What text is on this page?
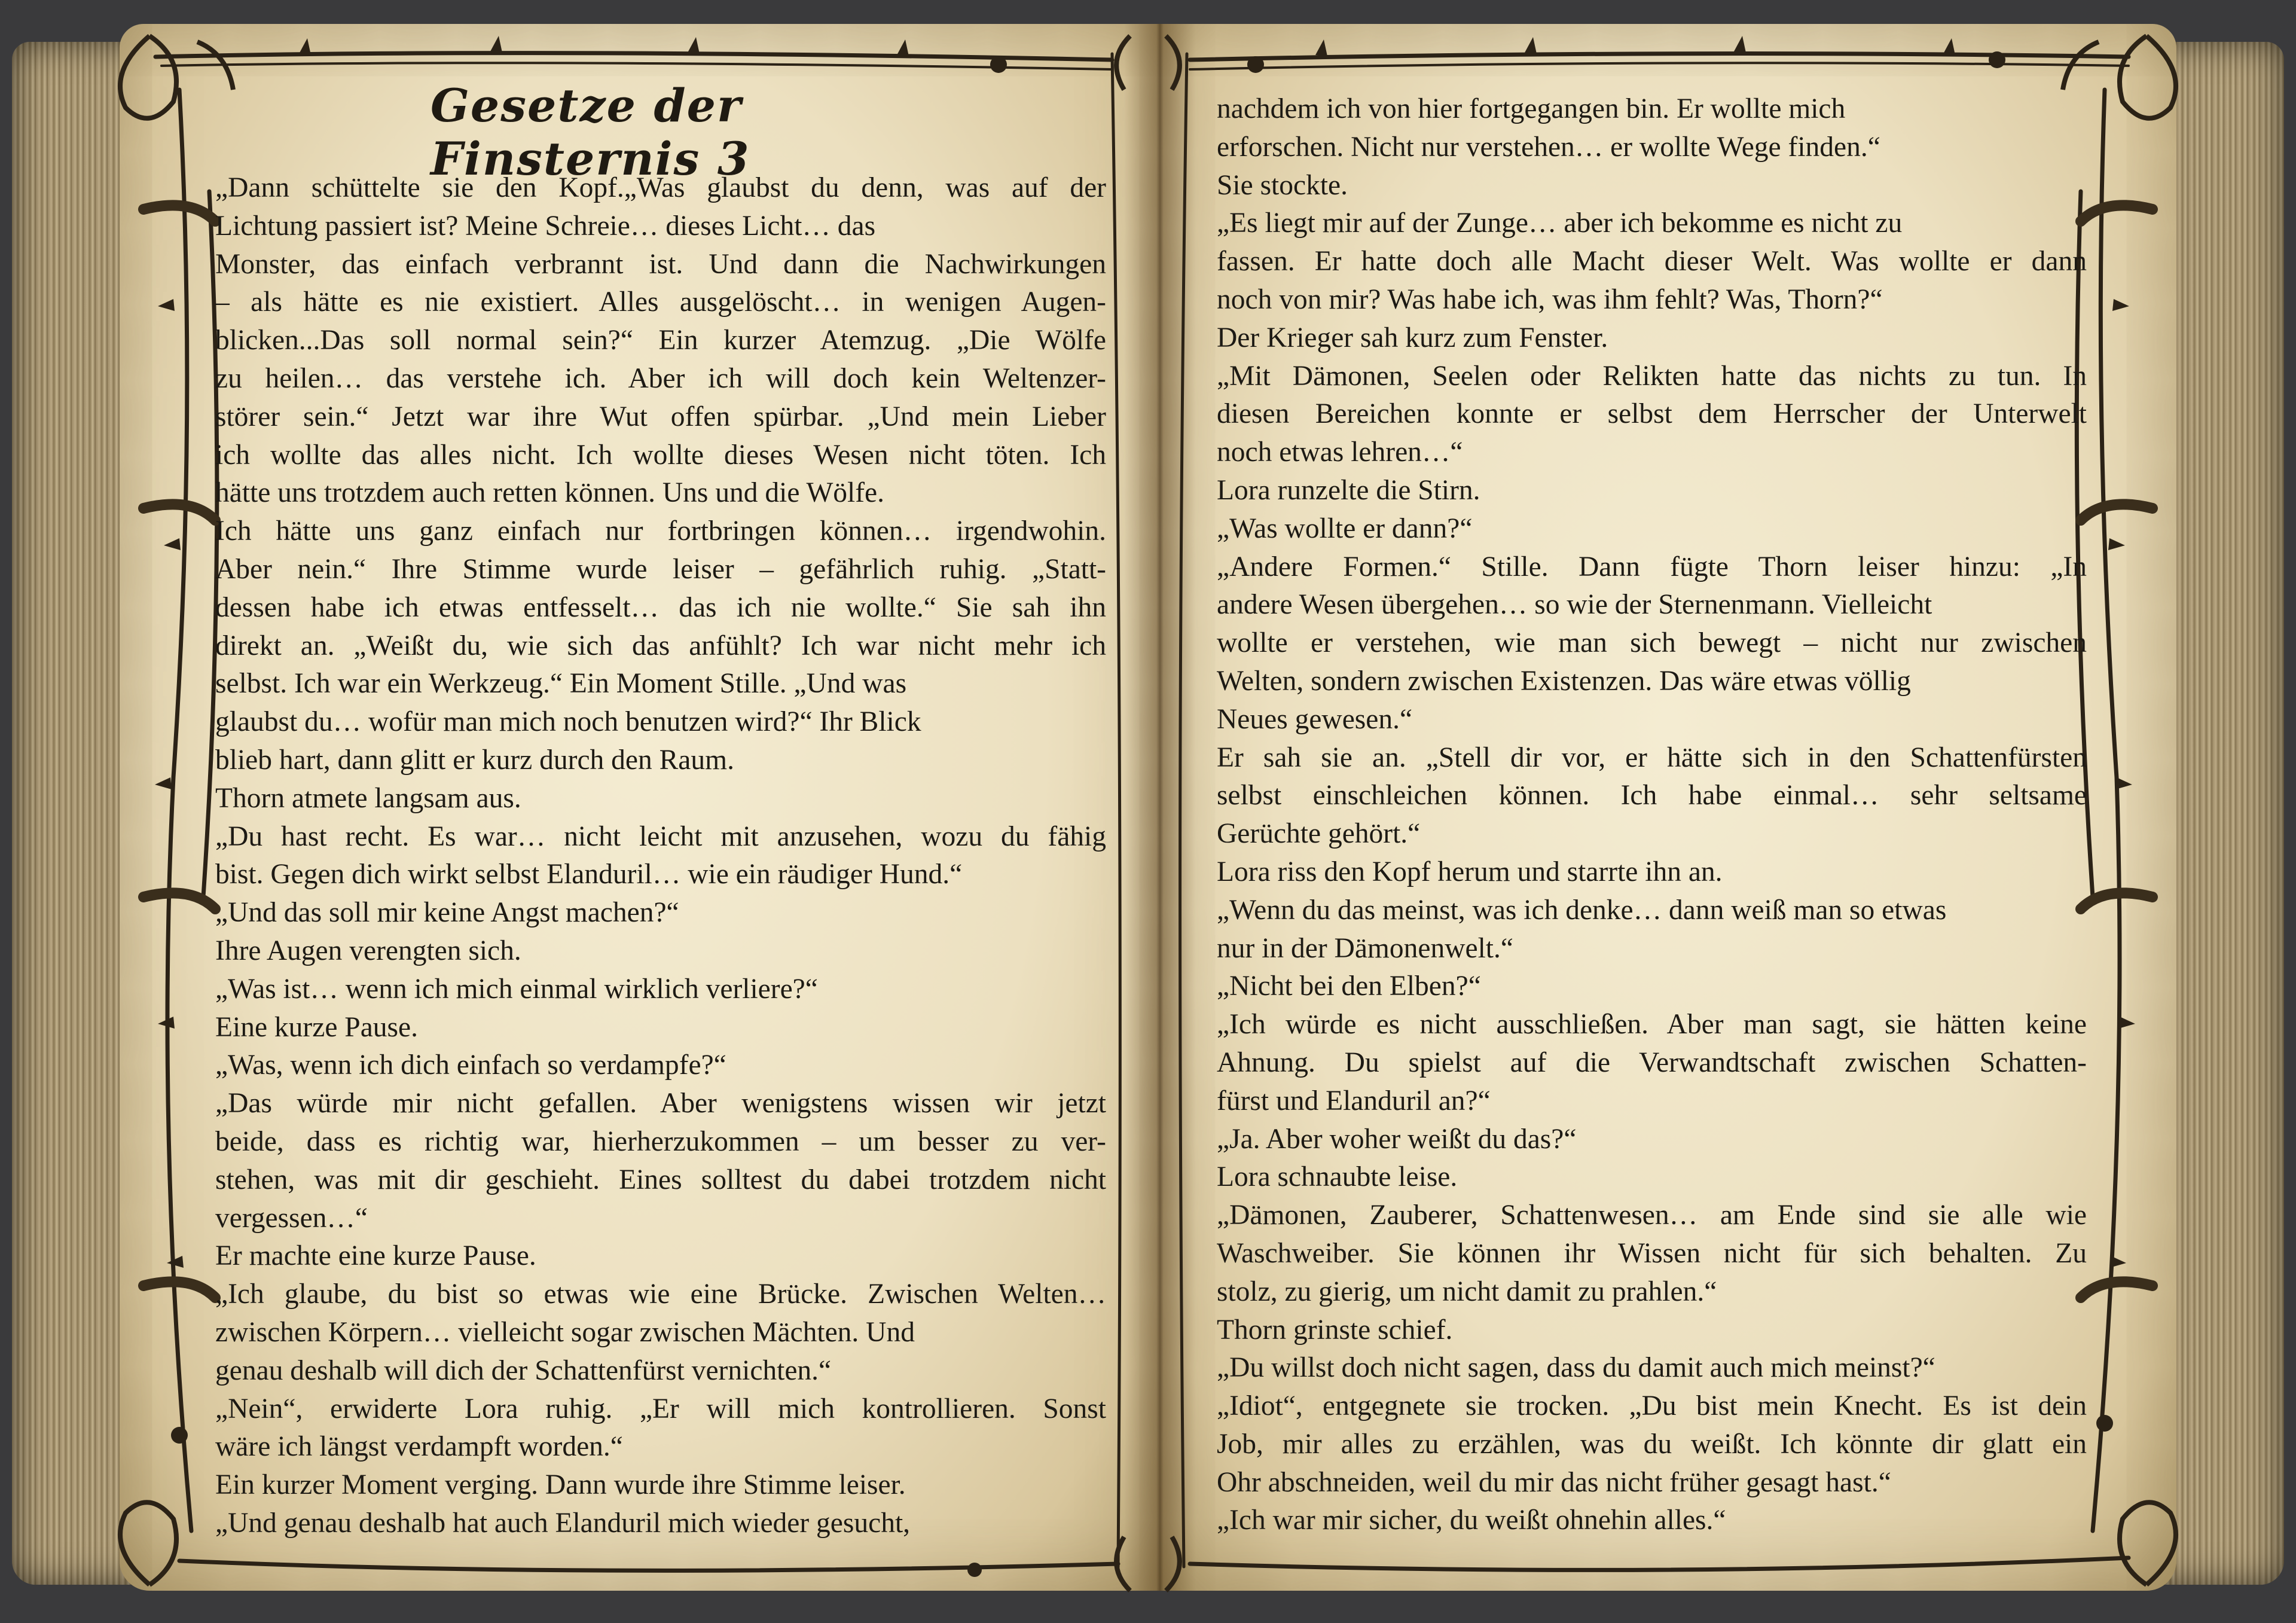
Gesetze der Finsternis 3

„Dann schüttelte sie den Kopf.„Was glaubst du denn, was auf der

Lichtung passiert ist? Meine Schreie… dieses Licht… das

Monster, das einfach verbrannt ist. Und dann die Nachwirkungen

– als hätte es nie existiert. Alles ausgelöscht… in wenigen Augen-

blicken...Das soll normal sein?“ Ein kurzer Atemzug. „Die Wölfe

zu heilen… das verstehe ich. Aber ich will doch kein Weltenzer-

störer sein.“ Jetzt war ihre Wut offen spürbar. „Und mein Lieber

ich wollte das alles nicht. Ich wollte dieses Wesen nicht töten. Ich

hätte uns trotzdem auch retten können. Uns und die Wölfe.

Ich hätte uns ganz einfach nur fortbringen können… irgendwohin.

Aber nein.“ Ihre Stimme wurde leiser – gefährlich ruhig. „Statt-

dessen habe ich etwas entfesselt… das ich nie wollte.“ Sie sah ihn

direkt an. „Weißt du, wie sich das anfühlt? Ich war nicht mehr ich

selbst. Ich war ein Werkzeug.“ Ein Moment Stille. „Und was

glaubst du… wofür man mich noch benutzen wird?“ Ihr Blick

blieb hart, dann glitt er kurz durch den Raum.

Thorn atmete langsam aus.

„Du hast recht. Es war… nicht leicht mit anzusehen, wozu du fähig

bist. Gegen dich wirkt selbst Elanduril… wie ein räudiger Hund.“

„Und das soll mir keine Angst machen?“

Ihre Augen verengten sich.

„Was ist… wenn ich mich einmal wirklich verliere?“

Eine kurze Pause.

„Was, wenn ich dich einfach so verdampfe?“

„Das würde mir nicht gefallen. Aber wenigstens wissen wir jetzt

beide, dass es richtig war, hierherzukommen – um besser zu ver-

stehen, was mit dir geschieht. Eines solltest du dabei trotzdem nicht

vergessen…“

Er machte eine kurze Pause.

„Ich glaube, du bist so etwas wie eine Brücke. Zwischen Welten…

zwischen Körpern… vielleicht sogar zwischen Mächten. Und

genau deshalb will dich der Schattenfürst vernichten.“

„Nein“, erwiderte Lora ruhig. „Er will mich kontrollieren. Sonst

wäre ich längst verdampft worden.“

Ein kurzer Moment verging. Dann wurde ihre Stimme leiser.

„Und genau deshalb hat auch Elanduril mich wieder gesucht,

nachdem ich von hier fortgegangen bin. Er wollte mich

erforschen. Nicht nur verstehen… er wollte Wege finden.“

Sie stockte.

„Es liegt mir auf der Zunge… aber ich bekomme es nicht zu

fassen. Er hatte doch alle Macht dieser Welt. Was wollte er dann

noch von mir? Was habe ich, was ihm fehlt? Was, Thorn?“

Der Krieger sah kurz zum Fenster.

„Mit Dämonen, Seelen oder Relikten hatte das nichts zu tun. In

diesen Bereichen konnte er selbst dem Herrscher der Unterwelt

noch etwas lehren…“

Lora runzelte die Stirn.

„Was wollte er dann?“

„Andere Formen.“ Stille. Dann fügte Thorn leiser hinzu: „In

andere Wesen übergehen… so wie der Sternenmann. Vielleicht

wollte er verstehen, wie man sich bewegt – nicht nur zwischen

Welten, sondern zwischen Existenzen. Das wäre etwas völlig

Neues gewesen.“

Er sah sie an. „Stell dir vor, er hätte sich in den Schattenfürsten

selbst einschleichen können. Ich habe einmal… sehr seltsame

Gerüchte gehört.“

Lora riss den Kopf herum und starrte ihn an.

„Wenn du das meinst, was ich denke… dann weiß man so etwas

nur in der Dämonenwelt.“

„Nicht bei den Elben?“

„Ich würde es nicht ausschließen. Aber man sagt, sie hätten keine

Ahnung. Du spielst auf die Verwandtschaft zwischen Schatten-

fürst und Elanduril an?“

„Ja. Aber woher weißt du das?“

Lora schnaubte leise.

„Dämonen, Zauberer, Schattenwesen… am Ende sind sie alle wie

Waschweiber. Sie können ihr Wissen nicht für sich behalten. Zu

stolz, zu gierig, um nicht damit zu prahlen.“

Thorn grinste schief.

„Du willst doch nicht sagen, dass du damit auch mich meinst?“

„Idiot“, entgegnete sie trocken. „Du bist mein Knecht. Es ist dein

Job, mir alles zu erzählen, was du weißt. Ich könnte dir glatt ein

Ohr abschneiden, weil du mir das nicht früher gesagt hast.“

„Ich war mir sicher, du weißt ohnehin alles.“
